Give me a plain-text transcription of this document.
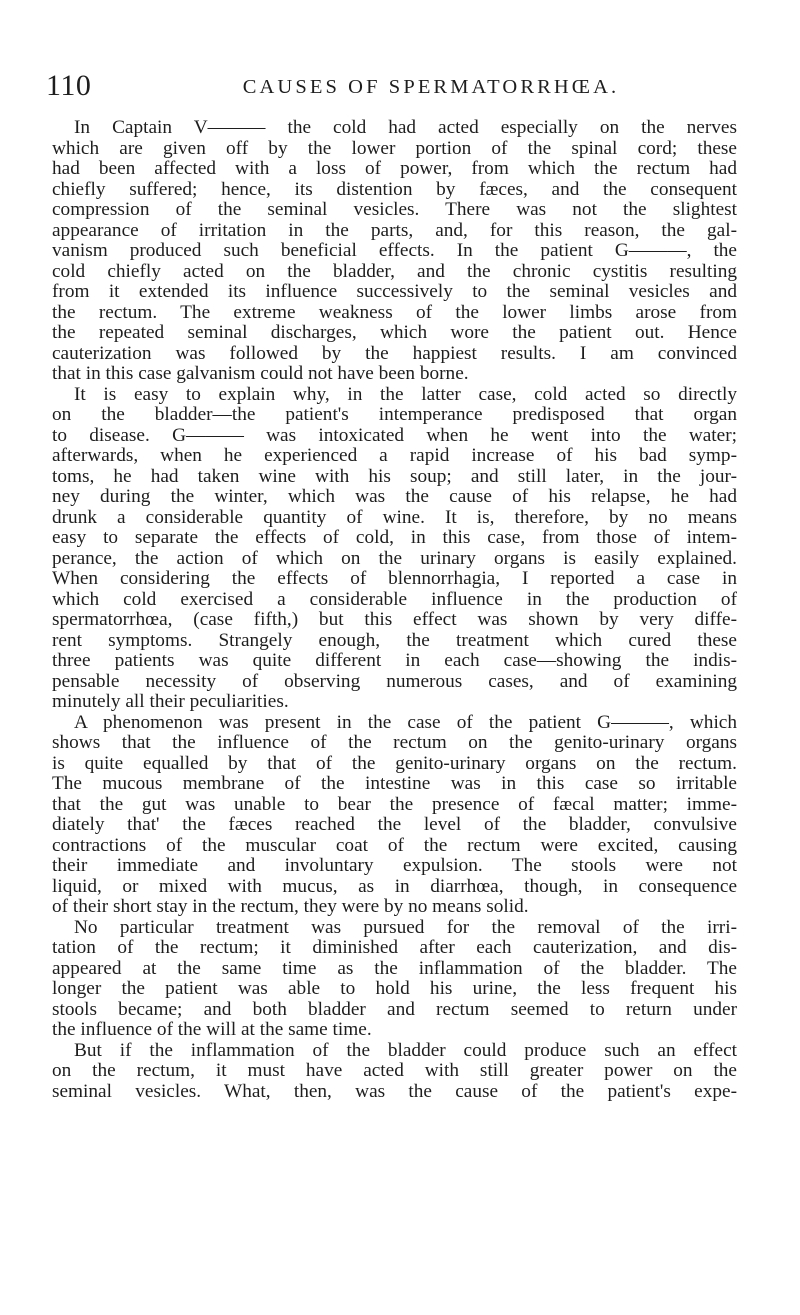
110	CAUSES OF SPERMATORRHŒA.
In Captain V——— the cold had acted especially on the nerves
which are given off by the lower portion of the spinal cord; these
had been affected with a loss of power, from which the rectum had
chiefly suffered; hence, its distention by fæces, and the consequent
compression of the seminal vesicles. There was not the slightest
appearance of irritation in the parts, and, for this reason, the gal-
vanism produced such beneficial effects. In the patient G———, the
cold chiefly acted on the bladder, and the chronic cystitis resulting
from it extended its influence successively to the seminal vesicles and
the rectum. The extreme weakness of the lower limbs arose from
the repeated seminal discharges, which wore the patient out. Hence
cauterization was followed by the happiest results. I am convinced
that in this case galvanism could not have been borne.
It is easy to explain why, in the latter case, cold acted so directly
on the bladder—the patient's intemperance predisposed that organ
to disease. G——— was intoxicated when he went into the water;
afterwards, when he experienced a rapid increase of his bad symp-
toms, he had taken wine with his soup; and still later, in the jour-
ney during the winter, which was the cause of his relapse, he had
drunk a considerable quantity of wine. It is, therefore, by no means
easy to separate the effects of cold, in this case, from those of intem-
perance, the action of which on the urinary organs is easily explained.
When considering the effects of blennorrhagia, I reported a case in
which cold exercised a considerable influence in the production of
spermatorrhœa, (case fifth,) but this effect was shown by very diffe-
rent symptoms. Strangely enough, the treatment which cured these
three patients was quite different in each case—showing the indis-
pensable necessity of observing numerous cases, and of examining
minutely all their peculiarities.
A phenomenon was present in the case of the patient G———, which
shows that the influence of the rectum on the genito-urinary organs
is quite equalled by that of the genito-urinary organs on the rectum.
The mucous membrane of the intestine was in this case so irritable
that the gut was unable to bear the presence of fæcal matter; imme-
diately that' the fæces reached the level of the bladder, convulsive
contractions of the muscular coat of the rectum were excited, causing
their immediate and involuntary expulsion. The stools were not
liquid, or mixed with mucus, as in diarrhœa, though, in consequence
of their short stay in the rectum, they were by no means solid.
No particular treatment was pursued for the removal of the irri-
tation of the rectum; it diminished after each cauterization, and dis-
appeared at the same time as the inflammation of the bladder. The
longer the patient was able to hold his urine, the less frequent his
stools became; and both bladder and rectum seemed to return under
the influence of the will at the same time.
But if the inflammation of the bladder could produce such an effect
on the rectum, it must have acted with still greater power on the
seminal vesicles. What, then, was the cause of the patient's expe-
